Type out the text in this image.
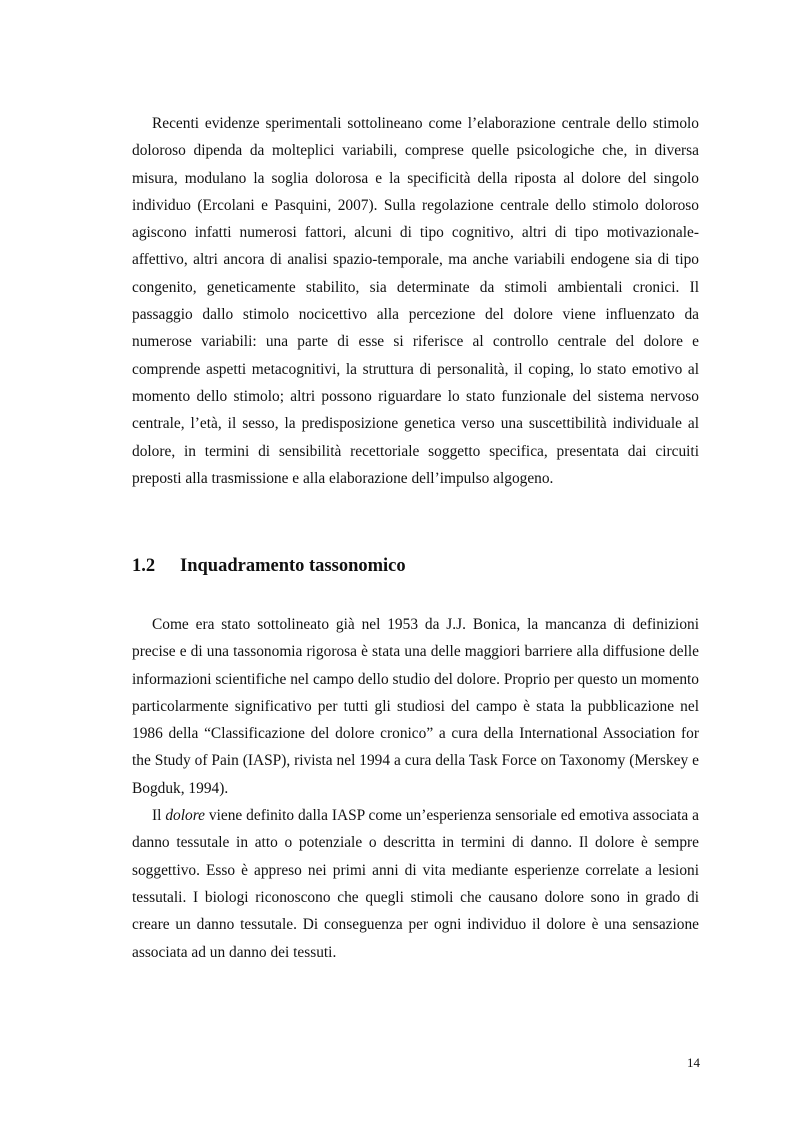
Recenti evidenze sperimentali sottolineano come l’elaborazione centrale dello stimolo doloroso dipenda da molteplici variabili, comprese quelle psicologiche che, in diversa misura, modulano la soglia dolorosa e la specificità della riposta al dolore del singolo individuo (Ercolani e Pasquini, 2007). Sulla regolazione centrale dello stimolo doloroso agiscono infatti numerosi fattori, alcuni di tipo cognitivo, altri di tipo motivazionale-affettivo, altri ancora di analisi spazio-temporale, ma anche variabili endogene sia di tipo congenito, geneticamente stabilito, sia determinate da stimoli ambientali cronici. Il passaggio dallo stimolo nocicettivo alla percezione del dolore viene influenzato da numerose variabili: una parte di esse si riferisce al controllo centrale del dolore e comprende aspetti metacognitivi, la struttura di personalità, il coping, lo stato emotivo al momento dello stimolo; altri possono riguardare lo stato funzionale del sistema nervoso centrale, l’età, il sesso, la predisposizione genetica verso una suscettibilità individuale al dolore, in termini di sensibilità recettoriale soggetto specifica, presentata dai circuiti preposti alla trasmissione e alla elaborazione dell’impulso algogeno.

1.2 Inquadramento tassonomico

Come era stato sottolineato già nel 1953 da J.J. Bonica, la mancanza di definizioni precise e di una tassonomia rigorosa è stata una delle maggiori barriere alla diffusione delle informazioni scientifiche nel campo dello studio del dolore. Proprio per questo un momento particolarmente significativo per tutti gli studiosi del campo è stata la pubblicazione nel 1986 della “Classificazione del dolore cronico” a cura della International Association for the Study of Pain (IASP), rivista nel 1994 a cura della Task Force on Taxonomy (Merskey e Bogduk, 1994).

Il dolore viene definito dalla IASP come un’esperienza sensoriale ed emotiva associata a danno tessutale in atto o potenziale o descritta in termini di danno. Il dolore è sempre soggettivo. Esso è appreso nei primi anni di vita mediante esperienze correlate a lesioni tessutali. I biologi riconoscono che quegli stimoli che causano dolore sono in grado di creare un danno tessutale. Di conseguenza per ogni individuo il dolore è una sensazione associata ad un danno dei tessuti.

14
